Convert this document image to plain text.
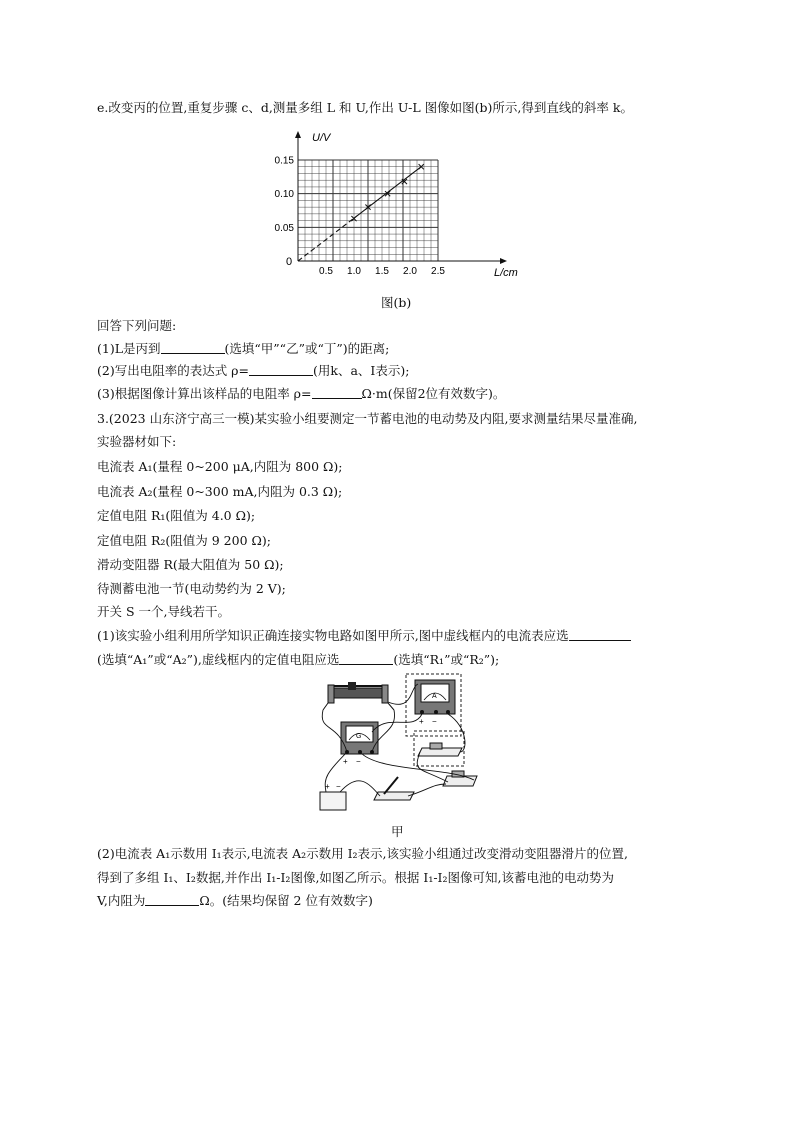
e.改变丙的位置,重复步骤 c、d,测量多组 L 和 U,作出 U-L 图像如图(b)所示,得到直线的斜率 k。
0.5 1.0 1.5 2.0 2.5
0.05
0.10
0.15
U/V
L/cm
0
图(b)
回答下列问题:
(1)L是丙到	(选填“甲”“乙”或“丁”)的距离;
(2)写出电阻率的表达式 ρ=	(用k、a、I表示);
(3)根据图像计算出该样品的电阻率 ρ=	Ω·m(保留2位有效数字)。
3.(2023 山东济宁高三一模)某实验小组要测定一节蓄电池的电动势及内阻,要求测量结果尽量准确,
实验器材如下:
电流表 A₁(量程 0~200 μA,内阻为 800 Ω);
电流表 A₂(量程 0~300 mA,内阻为 0.3 Ω);
定值电阻 R₁(阻值为 4.0 Ω);
定值电阻 R₂(阻值为 9 200 Ω);
滑动变阻器 R(最大阻值为 50 Ω);
待测蓄电池一节(电动势约为 2 V);
开关 S 一个,导线若干。
(1)该实验小组利用所学知识正确连接实物电路如图甲所示,图中虚线框内的电流表应选
(选填“A₁”或“A₂”),虚线框内的定值电阻应选	(选填“R₁”或“R₂”);
A
+ −
G
+ −
+ −
甲
(2)电流表 A₁示数用 I₁表示,电流表 A₂示数用 I₂表示,该实验小组通过改变滑动变阻器滑片的位置,
得到了多组 I₁、I₂数据,并作出 I₁-I₂图像,如图乙所示。根据 I₁-I₂图像可知,该蓄电池的电动势为
V,内阻为	Ω。(结果均保留 2 位有效数字)
